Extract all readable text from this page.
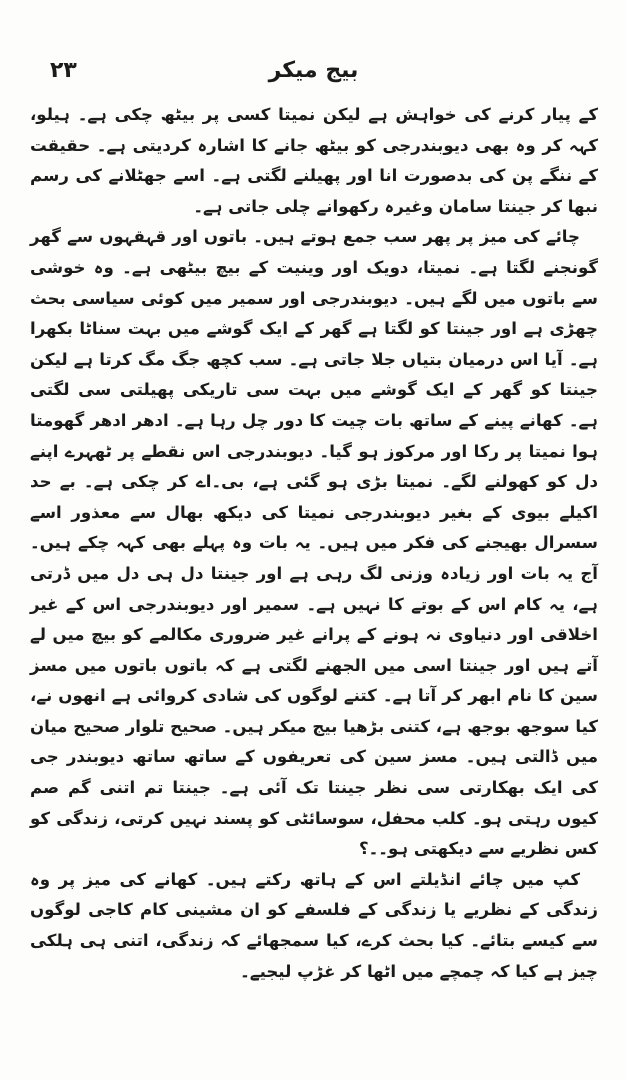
۲۳	بیج میکر

کے پیار کرنے کی خواہش ہے لیکن نمیتا کسی پر بیٹھ چکی ہے۔ ہیلو، کہہ کر وہ بھی دیوبندرجی کو بیٹھ جانے کا اشارہ کردیتی ہے۔ حقیقت کے ننگے پن کی بدصورت انا اور پھیلنے لگتی ہے۔ اسے جھٹلانے کی رسم نبھا کر جینتا سامان وغیرہ رکھوانے چلی جاتی ہے۔

چائے کی میز پر پھر سب جمع ہوتے ہیں۔ باتوں اور قہقہوں سے گھر گونجنے لگتا ہے۔ نمیتا، دویک اور وینیت کے بیچ بیٹھی ہے۔ وہ خوشی سے باتوں میں لگے ہیں۔ دیوبندرجی اور سمیر میں کوئی سیاسی بحث چھڑی ہے اور جینتا کو لگتا ہے گھر کے ایک گوشے میں بہت سناٹا بکھرا ہے۔ آیا اس درمیان بتیاں جلا جاتی ہے۔ سب کچھ جگ مگ کرتا ہے لیکن جینتا کو گھر کے ایک گوشے میں بہت سی تاریکی پھیلتی سی لگتی ہے۔ کھانے پینے کے ساتھ بات چیت کا دور چل رہا ہے۔ ادھر ادھر گھومتا ہوا نمیتا پر رکا اور مرکوز ہو گیا۔ دیوبندرجی اس نقطے پر ٹھہرے اپنے دل کو کھولنے لگے۔ نمیتا بڑی ہو گئی ہے، بی۔اے کر چکی ہے۔ بے حد اکیلے بیوی کے بغیر دیوبندرجی نمیتا کی دیکھ بھال سے معذور اسے سسرال بھیجنے کی فکر میں ہیں۔ یہ بات وہ پہلے بھی کہہ چکے ہیں۔ آج یہ بات اور زیادہ وزنی لگ رہی ہے اور جینتا دل ہی دل میں ڈرتی ہے، یہ کام اس کے بوتے کا نہیں ہے۔ سمیر اور دیوبندرجی اس کے غیر اخلاقی اور دنیاوی نہ ہونے کے پرانے غیر ضروری مکالمے کو بیچ میں لے آتے ہیں اور جینتا اسی میں الجھنے لگتی ہے کہ باتوں باتوں میں مسز سین کا نام ابھر کر آتا ہے۔ کتنے لوگوں کی شادی کروائی ہے انھوں نے، کیا سوجھ بوجھ ہے، کتنی بڑھیا بیج میکر ہیں۔ صحیح تلوار صحیح میان میں ڈالتی ہیں۔ مسز سین کی تعریفوں کے ساتھ ساتھ دیوبندر جی کی ایک بھکارتی سی نظر جینتا تک آئی ہے۔ جینتا تم اتنی گم صم کیوں رہتی ہو۔ کلب محفل، سوسائٹی کو پسند نہیں کرتی، زندگی کو کس نظریے سے دیکھتی ہو۔۔؟

کپ میں چائے انڈیلتے اس کے ہاتھ رکتے ہیں۔ کھانے کی میز پر وہ زندگی کے نظریے یا زندگی کے فلسفے کو ان مشینی کام کاجی لوگوں سے کیسے بتائے۔ کیا بحث کرے، کیا سمجھائے کہ زندگی، اتنی ہی ہلکی چیز ہے کیا کہ چمچے میں اٹھا کر غڑپ لیجیے۔
